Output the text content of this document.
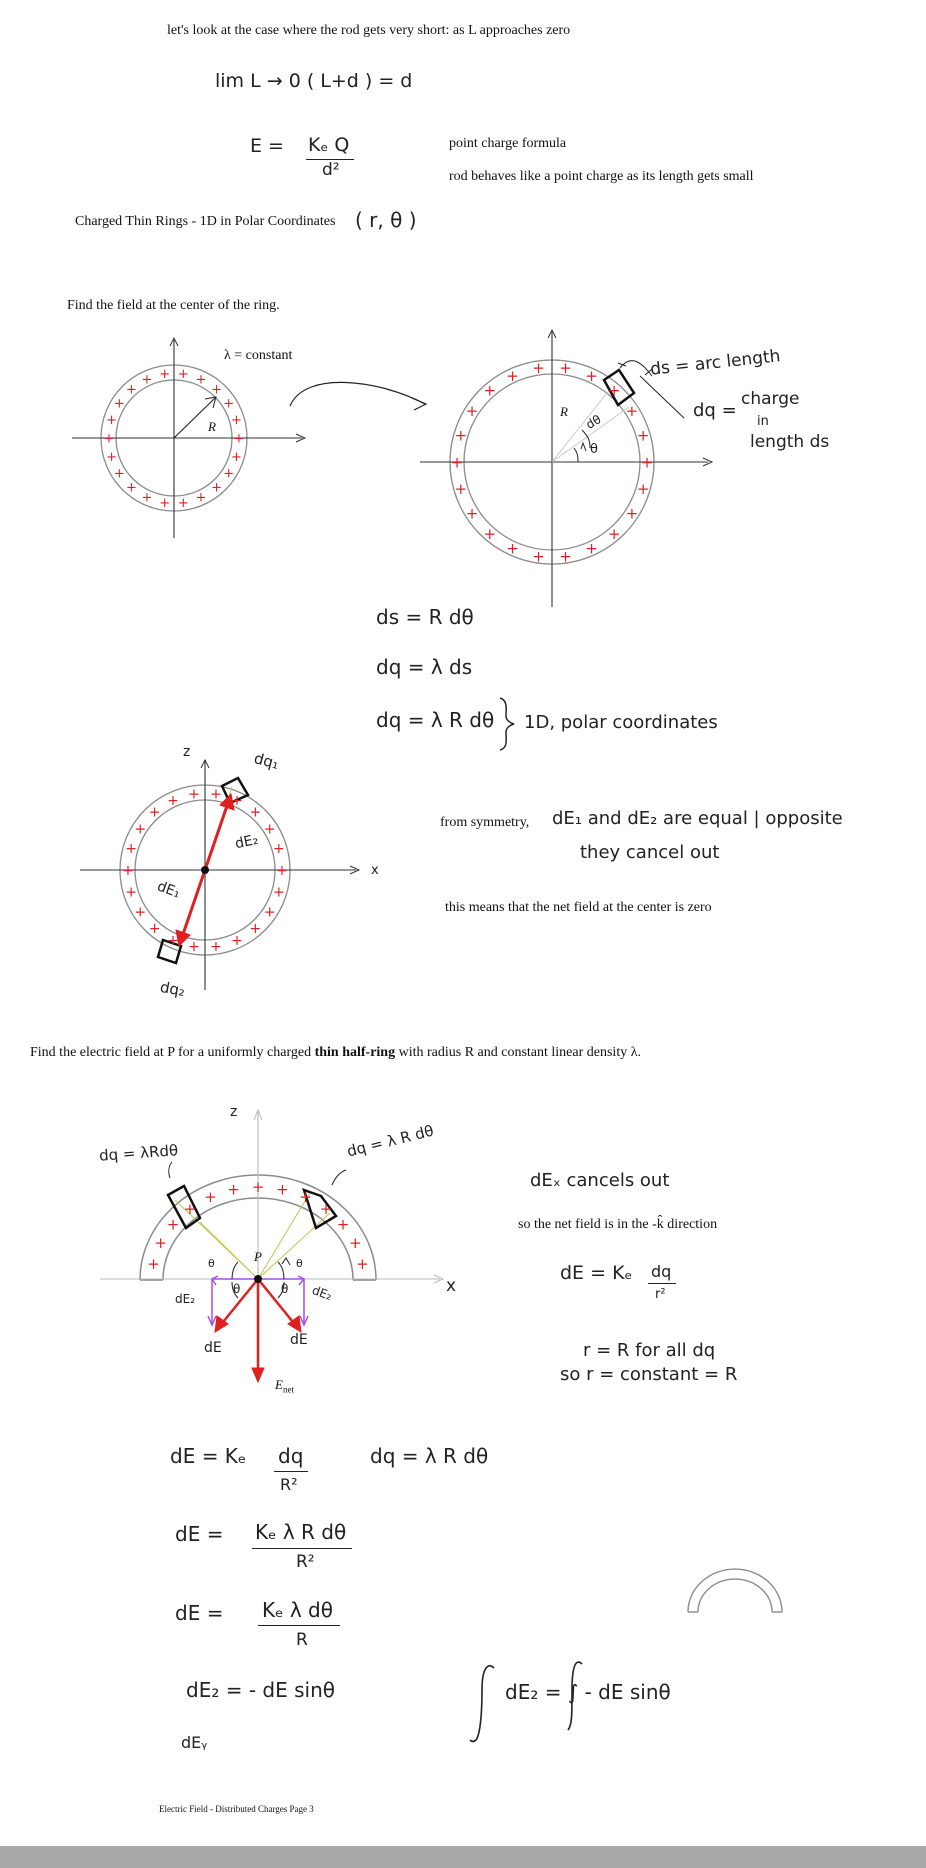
let's look at the case where the rod gets very short: as L approaches zero
lim L → 0 ( L+d ) = d
E = Kₑ Q
d²
point charge formula
rod behaves like a point charge as its length gets small
Charged Thin Rings - 1D in Polar Coordinates ( r, θ )
Find the field at the center of the ring.
+
+
+
+
+
+
+
+
+
+
+
+
+
+
+
+ + + +
+
+
+
λ = constant
R
+
+
+
+
+
+
+
+
+
+
+
+
+
+
+
+ + + +
+
+
+
R
dθ
θ
ds = arc length
dq =
charge
in
length ds
ds = R dθ
dq = λ ds
dq = λ R dθ 1D, polar coordinates
+
+
+
+
+
+
+
+
+
+
+
+
+
+
+
+ + + +
+
+
+
z
x
dq₁
dq₂
dE₂
dE₁
from symmetry, dE₁ and dE₂ are equal | opposite
they cancel out
this means that the net field at the center is zero
Find the electric field at P for a uniformly charged thin half-ring with radius R and constant linear density λ.
+
+
+
+
+
+
+
+
+
+
+
+
+
z
x
P
dq = λRdθ	dq = λ R dθ
dE₂	dE₂
dE	dE
$E_{net}$
θ	θ
θ	θ
dEₓ cancels out
so the net field is in the -k̂ direction
dE = Kₑ dq
r²
r = R for all dq
so r = constant = R
dE = Kₑ dq
R²
dq = λ R dθ
dE = Kₑ λ R dθ
R²
dE = Kₑ λ dθ
R
dE₂ = - dE sinθ
dEᵧ
dE₂ = ∫ - dE sinθ
Electric Field - Distributed Charges Page 3
